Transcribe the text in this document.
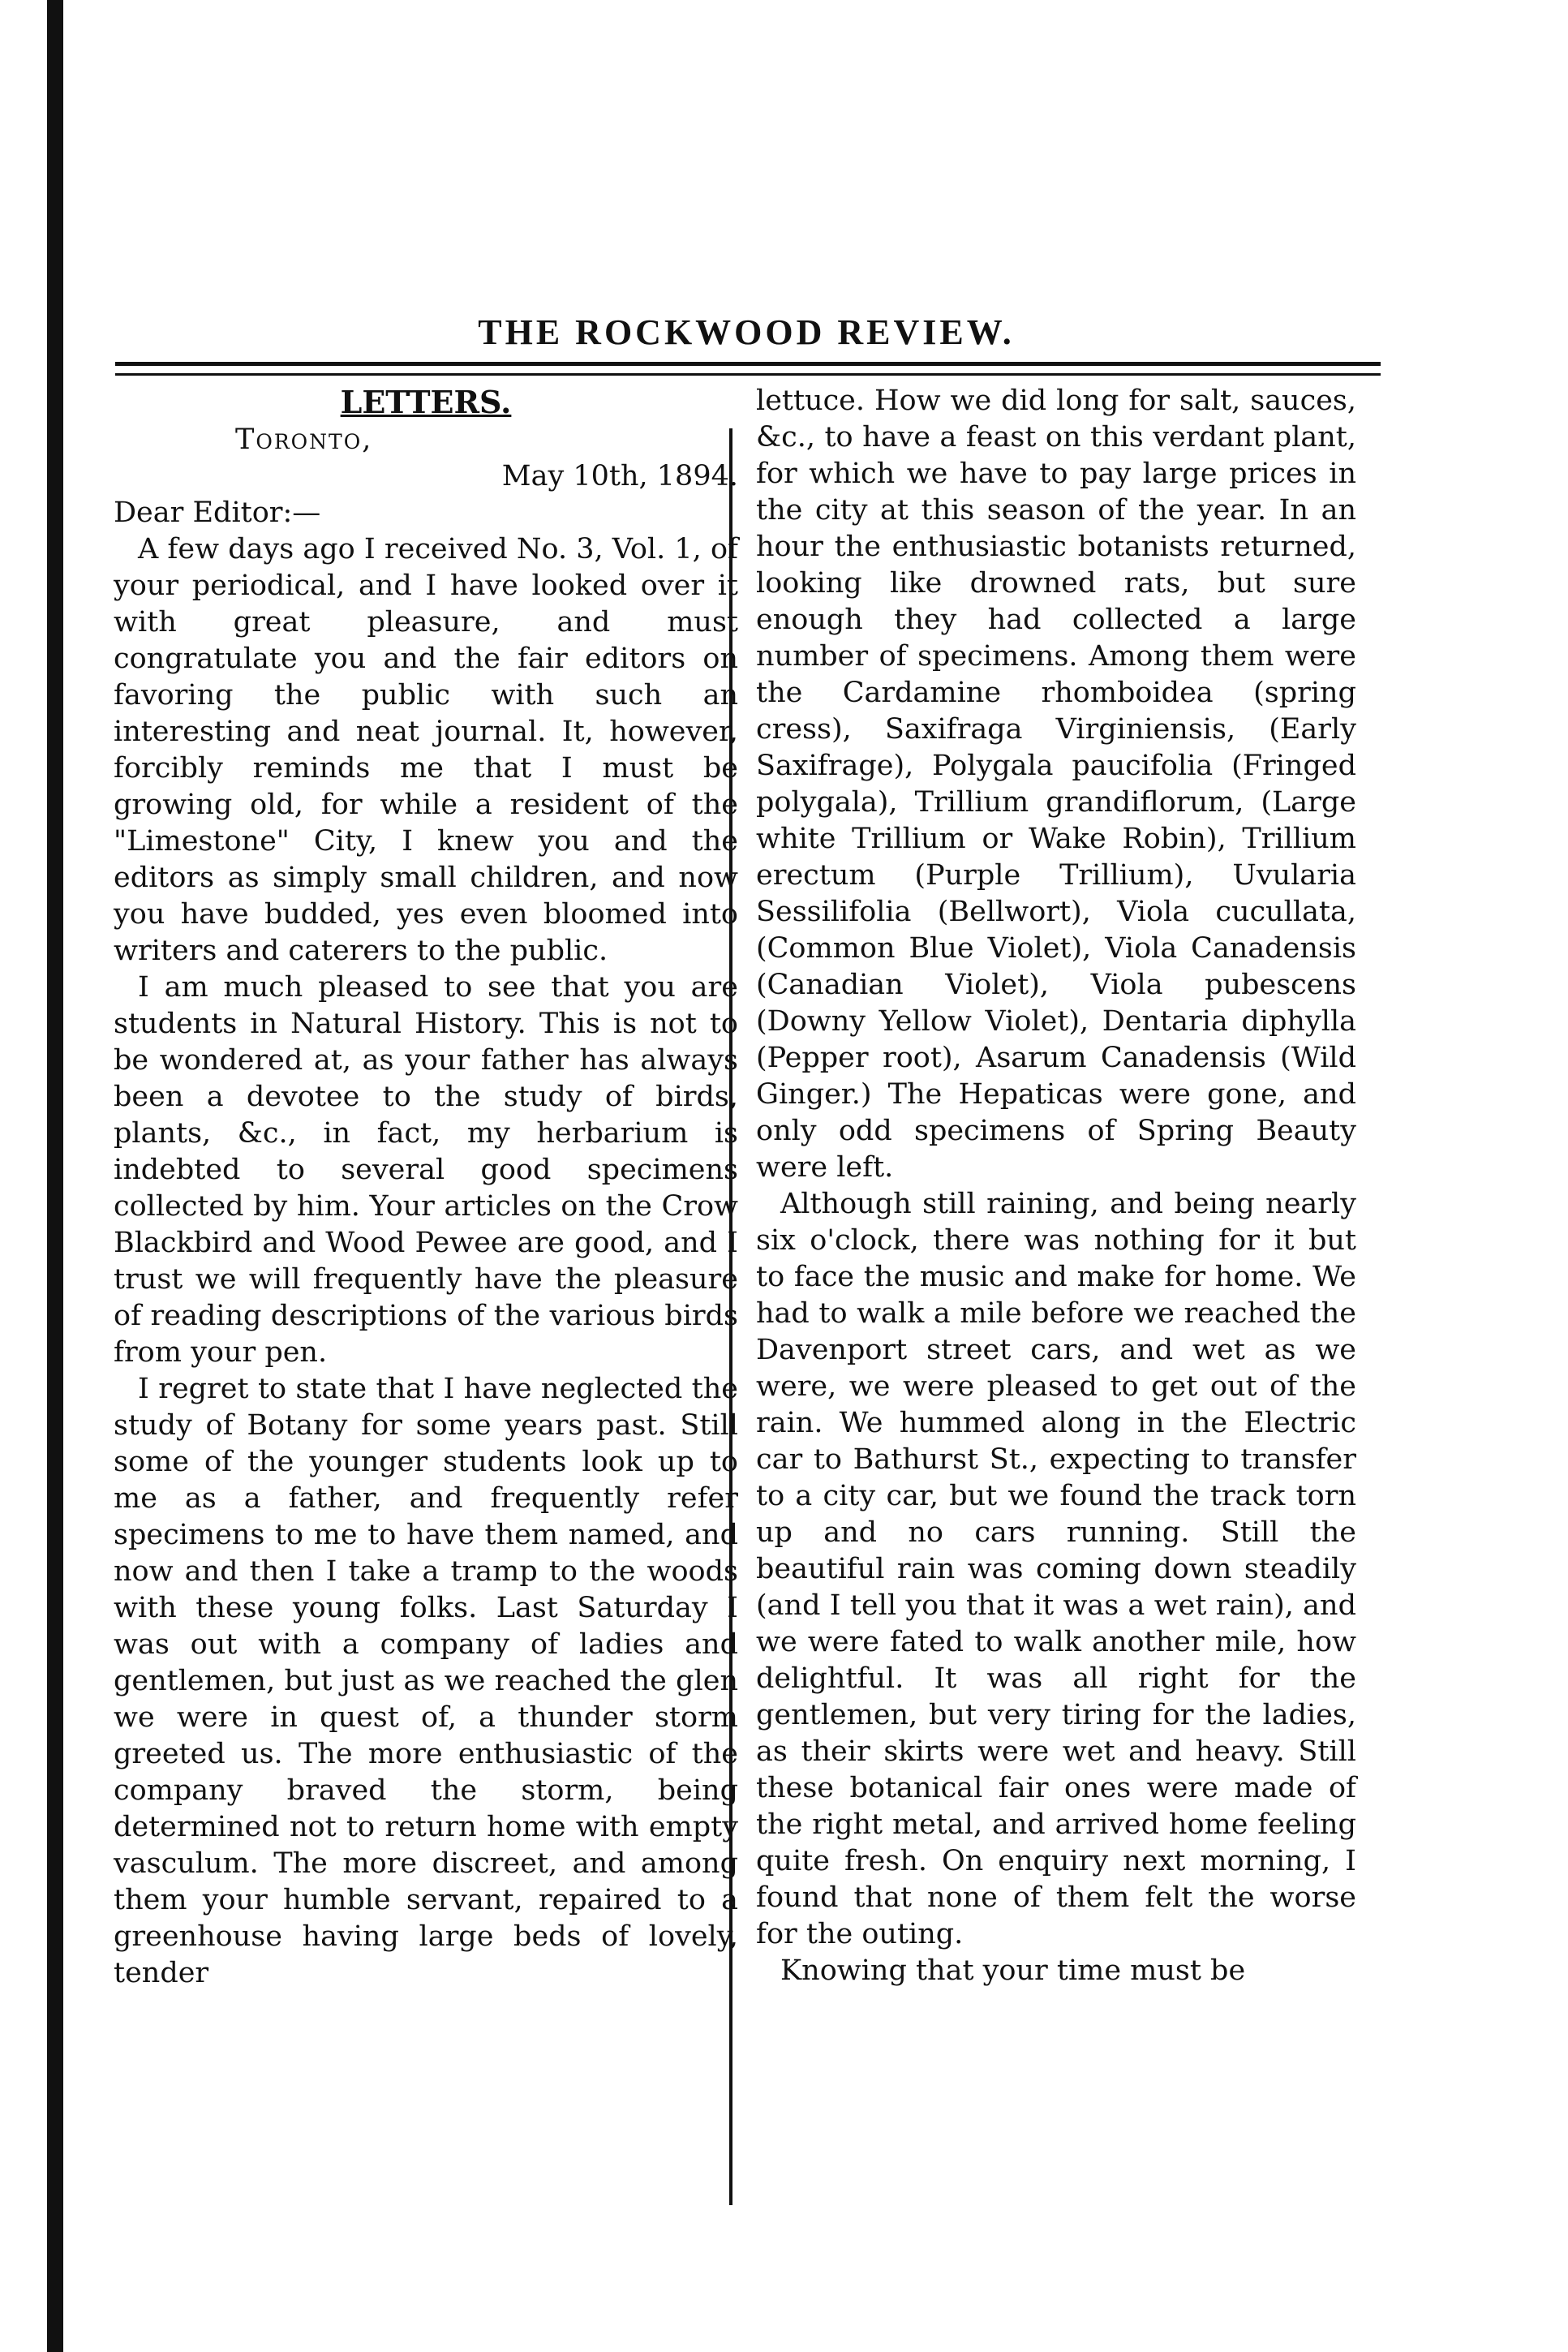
THE ROCKWOOD REVIEW.
LETTERS.

Toronto,

May 10th, 1894.

Dear Editor:—

A few days ago I received No. 3, Vol. 1, of your periodical, and I have looked over it with great pleasure, and must congratulate you and the fair editors on favoring the public with such an interesting and neat journal. It, however, forcibly reminds me that I must be growing old, for while a resident of the "Limestone" City, I knew you and the editors as simply small children, and now you have budded, yes even bloomed into writers and caterers to the public.

I am much pleased to see that you are students in Natural History. This is not to be wondered at, as your father has always been a devotee to the study of birds, plants, &c., in fact, my herbarium is indebted to several good specimens collected by him. Your articles on the Crow Blackbird and Wood Pewee are good, and I trust we will frequently have the pleasure of reading descriptions of the various birds from your pen.

I regret to state that I have neglected the study of Botany for some years past. Still some of the younger students look up to me as a father, and frequently refer specimens to me to have them named, and now and then I take a tramp to the woods with these young folks. Last Saturday I was out with a company of ladies and gentlemen, but just as we reached the glen we were in quest of, a thunder storm greeted us. The more enthusiastic of the company braved the storm, being determined not to return home with empty vasculum. The more discreet, and among them your humble servant, repaired to a greenhouse having large beds of lovely, tender

lettuce. How we did long for salt, sauces, &c., to have a feast on this verdant plant, for which we have to pay large prices in the city at this season of the year. In an hour the enthusiastic botanists returned, looking like drowned rats, but sure enough they had collected a large number of specimens. Among them were the Cardamine rhomboidea (spring cress), Saxifraga Virginiensis, (Early Saxifrage), Polygala paucifolia (Fringed polygala), Trillium grandiflorum, (Large white Trillium or Wake Robin), Trillium erectum (Purple Trillium), Uvularia Sessilifolia (Bellwort), Viola cucullata, (Common Blue Violet), Viola Canadensis (Canadian Violet), Viola pubescens (Downy Yellow Violet), Dentaria diphylla (Pepper root), Asarum Canadensis (Wild Ginger.) The Hepaticas were gone, and only odd specimens of Spring Beauty were left.

Although still raining, and being nearly six o'clock, there was nothing for it but to face the music and make for home. We had to walk a mile before we reached the Davenport street cars, and wet as we were, we were pleased to get out of the rain. We hummed along in the Electric car to Bathurst St., expecting to transfer to a city car, but we found the track torn up and no cars running. Still the beautiful rain was coming down steadily (and I tell you that it was a wet rain), and we were fated to walk another mile, how delightful. It was all right for the gentlemen, but very tiring for the ladies, as their skirts were wet and heavy. Still these botanical fair ones were made of the right metal, and arrived home feeling quite fresh. On enquiry next morning, I found that none of them felt the worse for the outing.

Knowing that your time must be
